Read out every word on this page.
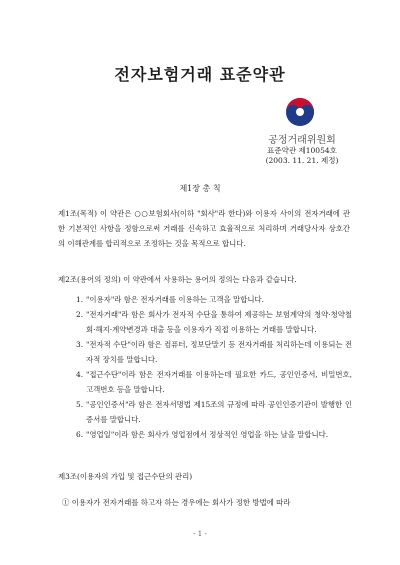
전자보험거래 표준약관
공정거래위원회
표준약관 제10054호
(2003. 11. 21. 제정)
제1장 총 칙

제1조(목적) 이 약관은 ○○보험회사(이하 "회사"라 한다)와 이용자 사이의 전자거래에 관한 기본적인 사항을 정함으로써 거래를 신속하고 효율적으로 처리하며 거래당사자 상호간의 이해관계를 합리적으로 조정하는 것을 목적으로 합니다.

제2조(용어의 정의) 이 약관에서 사용하는 용어의 정의는 다음과 같습니다.

1. "이용자"라 함은 전자거래를 이용하는 고객을 말합니다.
2. "전자거래"라 함은 회사가 전자적 수단을 통하여 제공하는 보험계약의 청약·청약철회·해지·계약변경과 대출 등을 이용자가 직접 이용하는 거래를 말합니다.
3. "전자적 수단"이라 함은 컴퓨터, 정보단말기 등 전자거래를 처리하는데 이용되는 전자적 장치를 말합니다.
4. "접근수단"이라 함은 전자거래를 이용하는데 필요한 카드, 공인인증서, 비밀번호, 고객번호 등을 말합니다.
5. "공인인증서"라 함은 전자서명법 제15조의 규정에 따라 공인인증기관이 발행한 인증서를 말합니다.
6. "영업일"이라 함은 회사가 영업점에서 정상적인 영업을 하는 날을 말합니다.

제3조(이용자의 가입 및 접근수단의 관리)

① 이용자가 전자거래를 하고자 하는 경우에는 회사가 정한 방법에 따라

- 1 -
